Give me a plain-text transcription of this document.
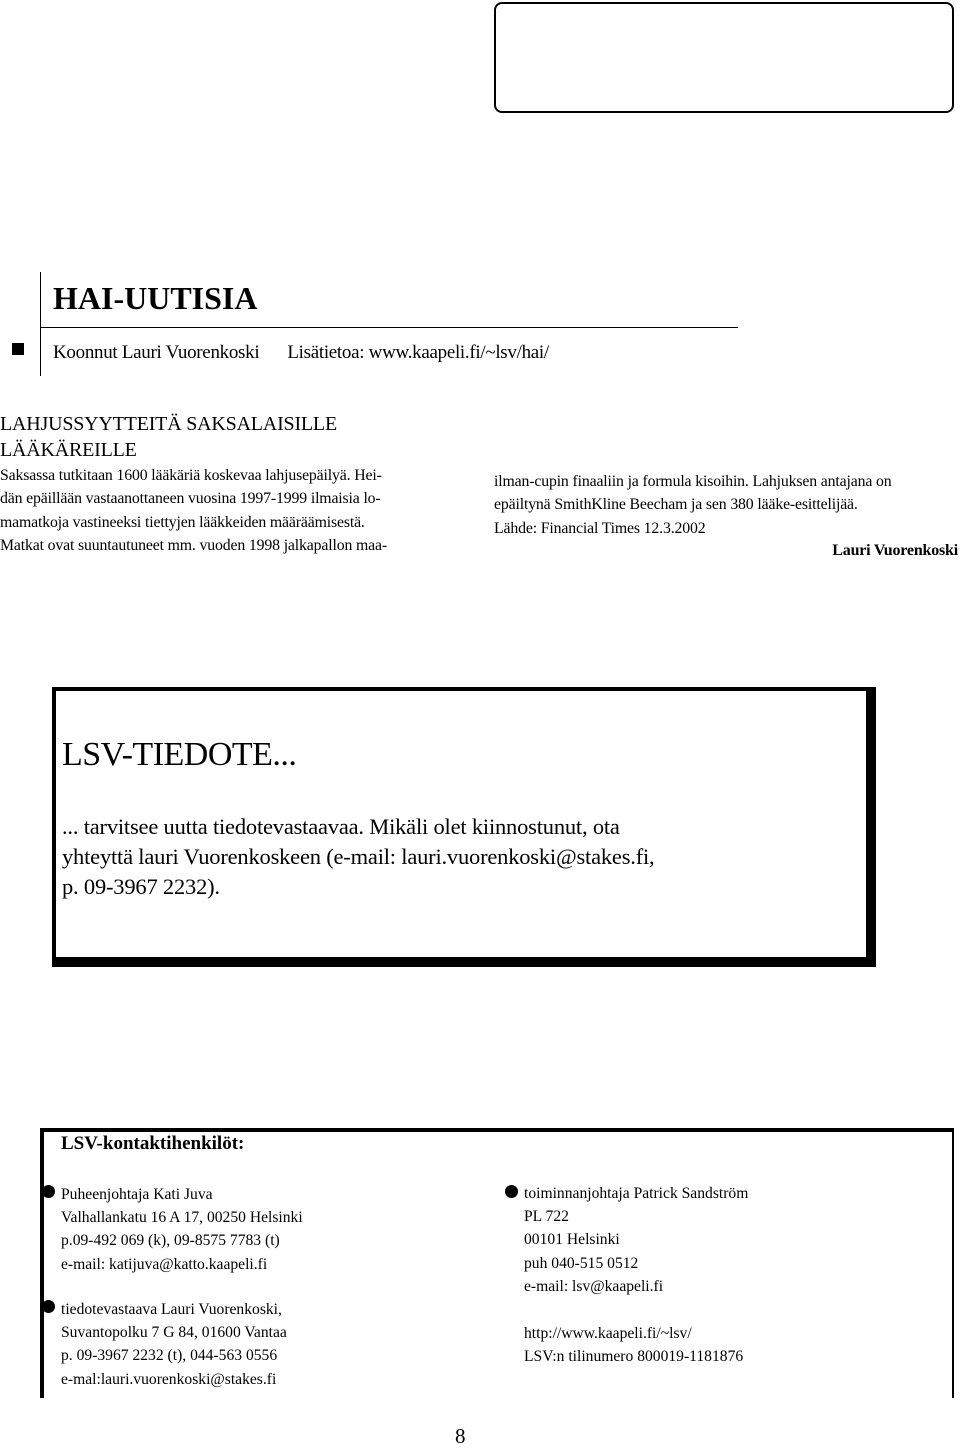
HAI-UUTISIA
Koonnut Lauri Vuorenkoski Lisätietoa: www.kaapeli.fi/~lsv/hai/
LAHJUSSYYTTEITÄ SAKSALAISILLE
LÄÄKÄREILLE
Saksassa tutkitaan 1600 lääkäriä koskevaa lahjusepäilyä. Hei-
dän epäillään vastaanottaneen vuosina 1997-1999 ilmaisia lo-
mamatkoja vastineeksi tiettyjen lääkkeiden määräämisestä.
Matkat ovat suuntautuneet mm. vuoden 1998 jalkapallon maa-
ilman-cupin finaaliin ja formula kisoihin. Lahjuksen antajana on
epäiltynä SmithKline Beecham ja sen 380 lääke-esittelijää.
Lähde: Financial Times 12.3.2002
Lauri Vuorenkoski
LSV-TIEDOTE...
... tarvitsee uutta tiedotevastaavaa. Mikäli olet kiinnostunut, ota
yhteyttä lauri Vuorenkoskeen (e-mail: lauri.vuorenkoski@stakes.fi,
p. 09-3967 2232).
LSV-kontaktihenkilöt:
Puheenjohtaja Kati Juva
Valhallankatu 16 A 17, 00250 Helsinki
p.09-492 069 (k), 09-8575 7783 (t)
e-mail: katijuva@katto.kaapeli.fi
tiedotevastaava Lauri Vuorenkoski,
Suvantopolku 7 G 84, 01600 Vantaa
p. 09-3967 2232 (t), 044-563 0556
e-mal:lauri.vuorenkoski@stakes.fi
toiminnanjohtaja Patrick Sandström
PL 722
00101 Helsinki
puh 040-515 0512
e-mail: lsv@kaapeli.fi
http://www.kaapeli.fi/~lsv/
LSV:n tilinumero 800019-1181876
8
